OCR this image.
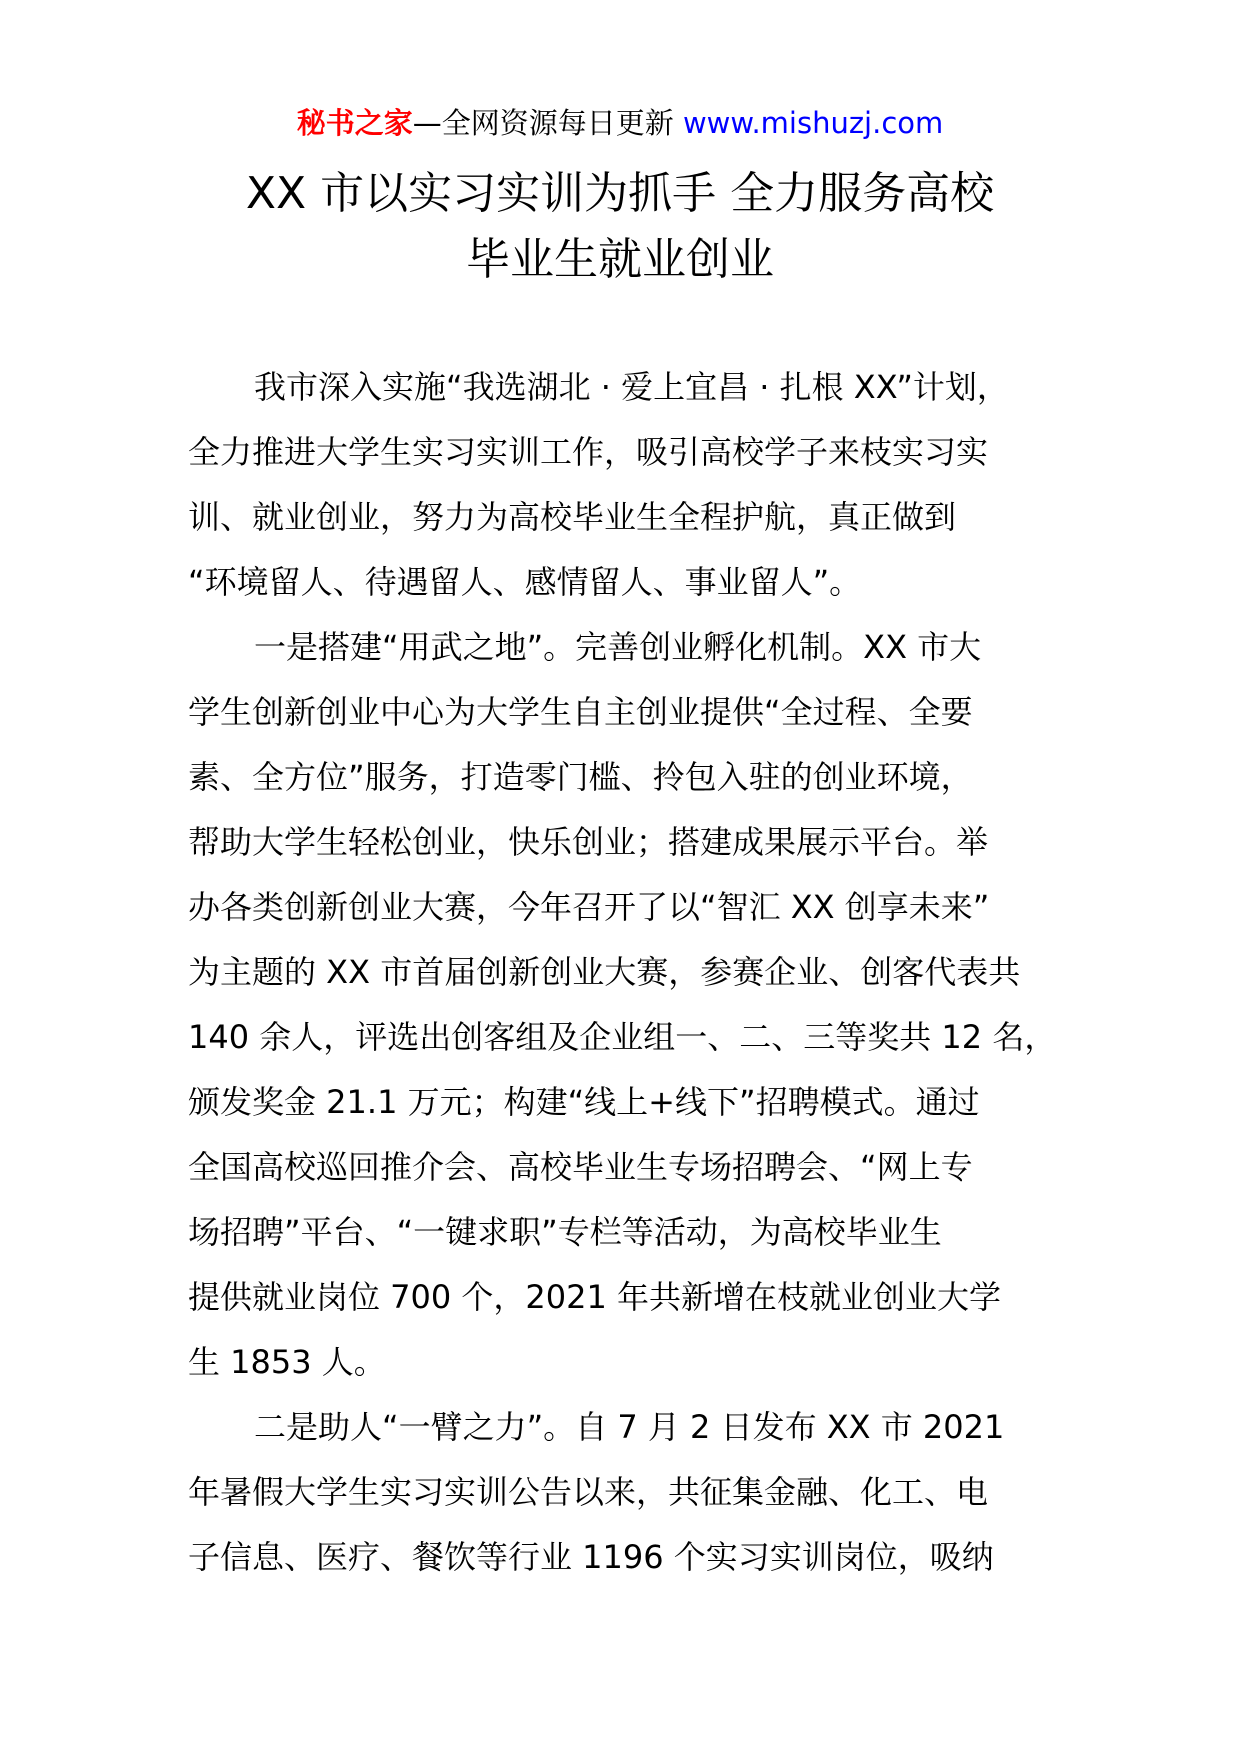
秘书之家—全网资源每日更新 www.mishuzj.com
XX 市以实习实训为抓手 全力服务高校
毕业生就业创业
我市深入实施“我选湖北 · 爱上宜昌 · 扎根 XX”计划，
全力推进大学生实习实训工作，吸引高校学子来枝实习实
训、就业创业，努力为高校毕业生全程护航，真正做到
“环境留人、待遇留人、感情留人、事业留人”。
一是搭建“用武之地”。完善创业孵化机制。XX 市大
学生创新创业中心为大学生自主创业提供“全过程、全要
素、全方位”服务，打造零门槛、拎包入驻的创业环境，
帮助大学生轻松创业，快乐创业；搭建成果展示平台。举
办各类创新创业大赛，今年召开了以“智汇 XX 创享未来”
为主题的 XX 市首届创新创业大赛，参赛企业、创客代表共
140 余人，评选出创客组及企业组一、二、三等奖共 12 名，
颁发奖金 21.1 万元；构建“线上+线下”招聘模式。通过
全国高校巡回推介会、高校毕业生专场招聘会、“网上专
场招聘”平台、“一键求职”专栏等活动，为高校毕业生
提供就业岗位 700 个，2021 年共新增在枝就业创业大学
生 1853 人。
二是助人“一臂之力”。自 7 月 2 日发布 XX 市 2021
年暑假大学生实习实训公告以来，共征集金融、化工、电
子信息、医疗、餐饮等行业 1196 个实习实训岗位，吸纳
